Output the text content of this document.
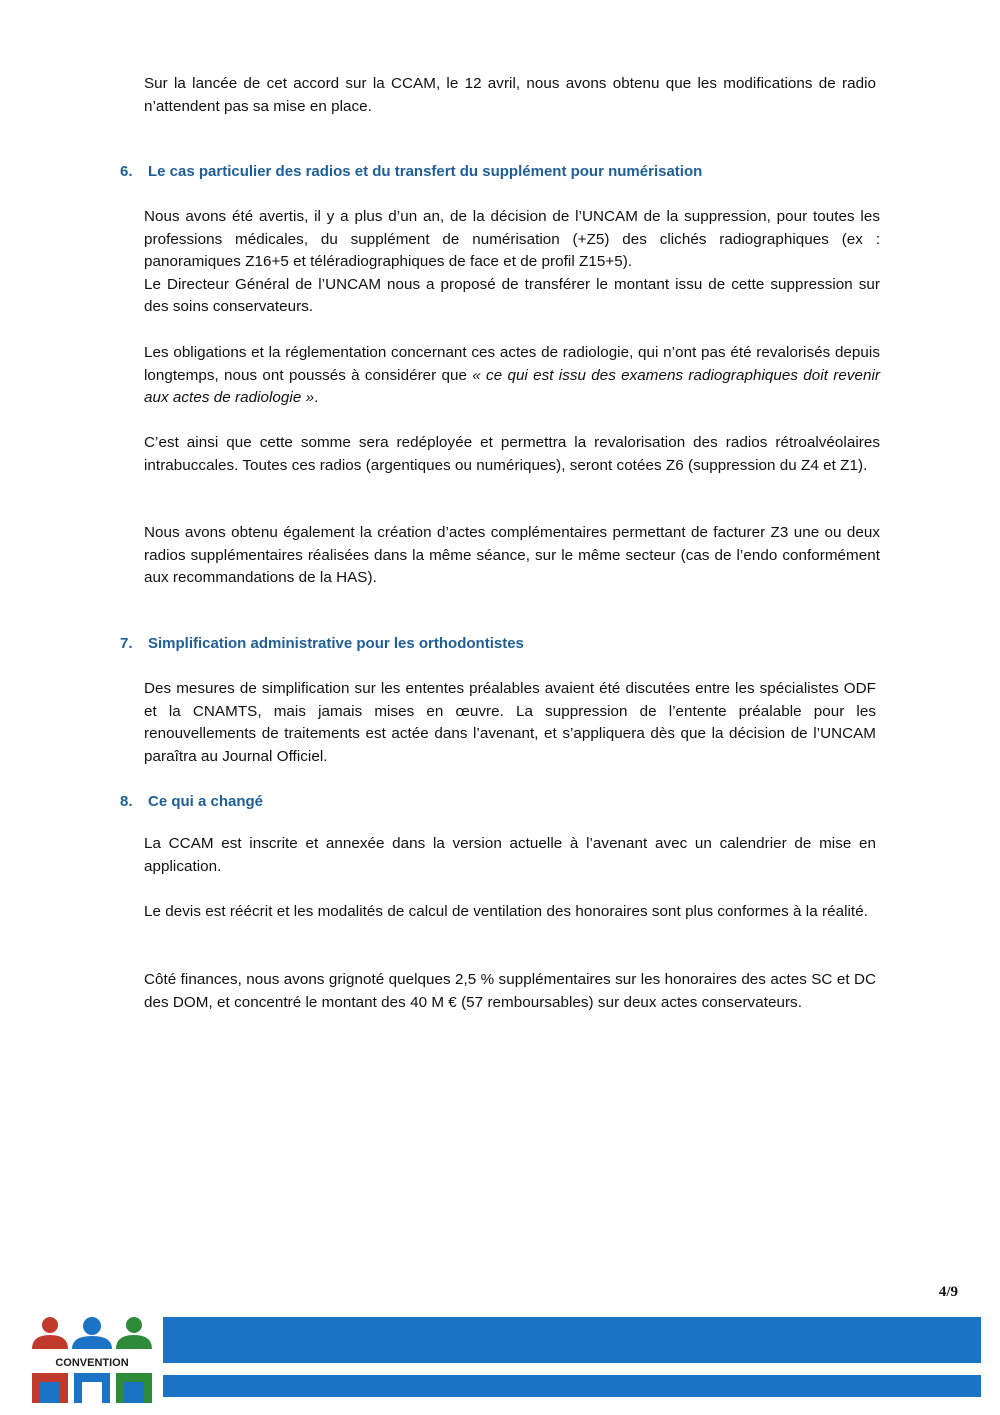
Sur la lancée de cet accord sur la CCAM, le 12 avril, nous avons obtenu que les modifications de radio n’attendent pas sa mise en place.

6. Le cas particulier des radios et du transfert du supplément pour numérisation
Nous avons été avertis, il y a plus d’un an, de la décision de l’UNCAM de la suppression, pour toutes les professions médicales, du supplément de numérisation (+Z5) des clichés radiographiques (ex : panoramiques Z16+5 et téléradiographiques de face et de profil Z15+5).
Le Directeur Général de l’UNCAM nous a proposé de transférer le montant issu de cette suppression sur des soins conservateurs.

Les obligations et la réglementation concernant ces actes de radiologie, qui n’ont pas été revalorisés depuis longtemps, nous ont poussés à considérer que « ce qui est issu des examens radiographiques doit revenir aux actes de radiologie ».

C’est ainsi que cette somme sera redéployée et permettra la revalorisation des radios rétroalvéolaires intrabuccales. Toutes ces radios (argentiques ou numériques), seront cotées Z6 (suppression du Z4 et Z1).

Nous avons obtenu également la création d’actes complémentaires permettant de facturer Z3 une ou deux radios supplémentaires réalisées dans la même séance, sur le même secteur (cas de l’endo conformément aux recommandations de la HAS).

7. Simplification administrative pour les orthodontistes

Des mesures de simplification sur les ententes préalables avaient été discutées entre les spécialistes ODF et la CNAMTS, mais jamais mises en œuvre. La suppression de l’entente préalable pour les renouvellements de traitements est actée dans l’avenant, et s’appliquera dès que la décision de l’UNCAM paraîtra au Journal Officiel.

8. Ce qui a changé

La CCAM est inscrite et annexée dans la version actuelle à l’avenant avec un calendrier de mise en application.

Le devis est réécrit et les modalités de calcul de ventilation des honoraires sont plus conformes à la réalité.

Côté finances, nous avons grignoté quelques 2,5 % supplémentaires sur les honoraires des actes SC et DC des DOM, et concentré le montant des 40 M € (57 remboursables) sur deux actes conservateurs.

4/9
CONVENTION
